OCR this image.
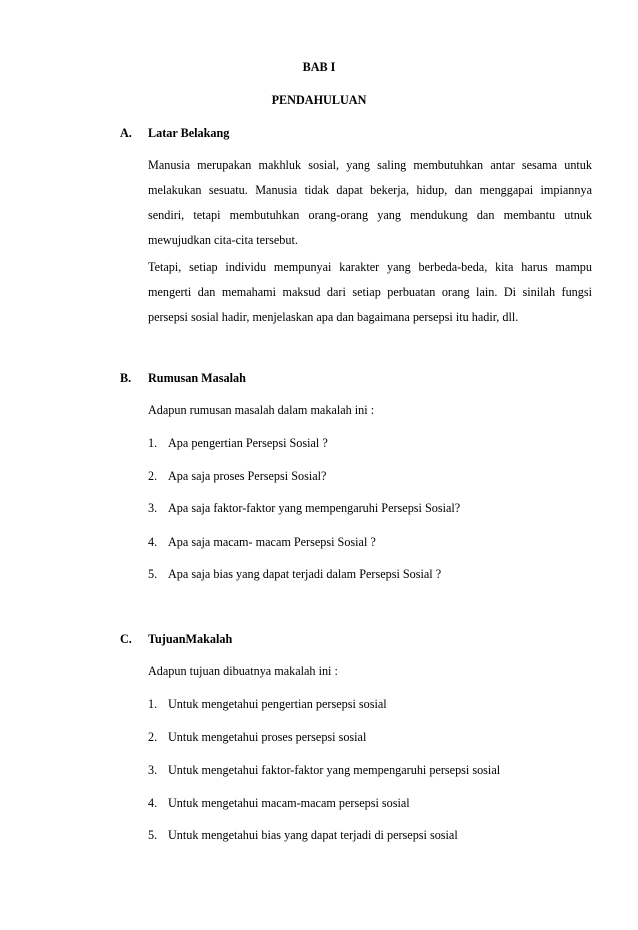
BAB I
PENDAHULUAN
A. Latar Belakang
Manusia merupakan makhluk sosial, yang saling membutuhkan antar sesama untuk melakukan sesuatu. Manusia tidak dapat bekerja, hidup, dan menggapai impiannya sendiri, tetapi membutuhkan orang-orang yang mendukung dan membantu utnuk mewujudkan cita-cita tersebut.
Tetapi, setiap individu mempunyai karakter yang berbeda-beda, kita harus mampu mengerti dan memahami maksud dari setiap perbuatan orang lain. Di sinilah fungsi persepsi sosial hadir, menjelaskan apa dan bagaimana persepsi itu hadir, dll.
B. Rumusan Masalah
Adapun rumusan masalah dalam makalah ini :
1. Apa pengertian Persepsi Sosial ?
2. Apa saja proses Persepsi Sosial?
3. Apa saja faktor-faktor yang mempengaruhi Persepsi Sosial?
4. Apa saja macam- macam Persepsi Sosial ?
5. Apa saja bias yang dapat terjadi dalam Persepsi Sosial ?
C. TujuanMakalah
Adapun tujuan dibuatnya makalah ini :
1. Untuk mengetahui pengertian persepsi sosial
2. Untuk mengetahui proses persepsi sosial
3. Untuk mengetahui faktor-faktor yang mempengaruhi persepsi sosial
4. Untuk mengetahui macam-macam persepsi sosial
5. Untuk mengetahui bias yang dapat terjadi di persepsi sosial
